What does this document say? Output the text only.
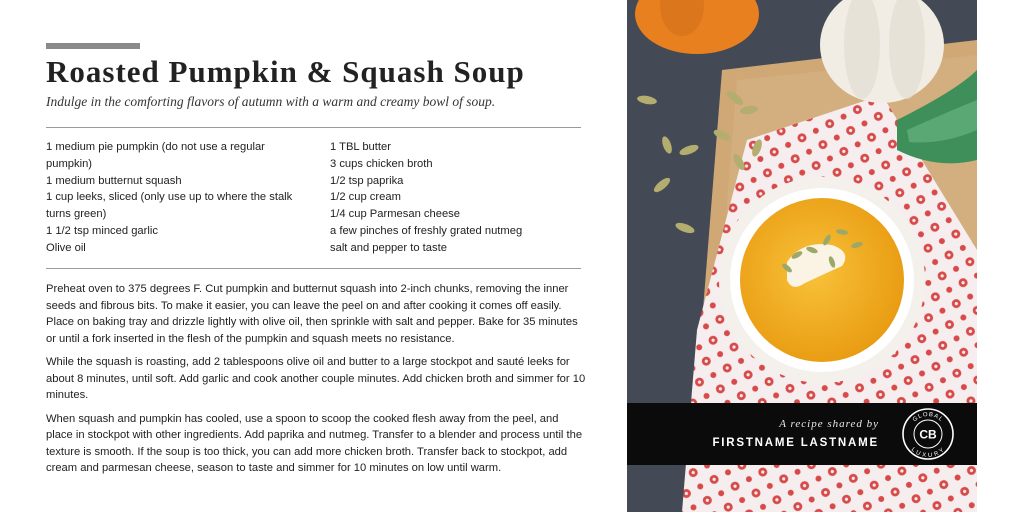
Roasted Pumpkin & Squash Soup

Indulge in the comforting flavors of autumn with a warm and creamy bowl of soup.

1 medium pie pumpkin (do not use a regular pumpkin)
1 medium butternut squash
1 cup leeks, sliced (only use up to where the stalk turns green)
1 1/2 tsp minced garlic
Olive oil
1 TBL butter
3 cups chicken broth
1/2 tsp paprika
1/2 cup cream
1/4 cup Parmesan cheese
a few pinches of freshly grated nutmeg
salt and pepper to taste

Preheat oven to 375 degrees F. Cut pumpkin and butternut squash into 2-inch chunks, removing the inner seeds and fibrous bits. To make it easier, you can leave the peel on and after cooking it comes off easily. Place on baking tray and drizzle lightly with olive oil, then sprinkle with salt and pepper. Bake for 35 minutes or until a fork inserted in the flesh of the pumpkin and squash meets no resistance.

While the squash is roasting, add 2 tablespoons olive oil and butter to a large stockpot and sauté leeks for about 8 minutes, until soft. Add garlic and cook another couple minutes. Add chicken broth and simmer for 10 minutes.

When squash and pumpkin has cooled, use a spoon to scoop the cooked flesh away from the peel, and place in stockpot with other ingredients. Add paprika and nutmeg. Transfer to a blender and process until the texture is smooth. If the soup is too thick, you can add more chicken broth. Transfer back to stockpot, add cream and parmesan cheese, season to taste and simmer for 10 minutes on low until warm.

A recipe shared by
FIRSTNAME LASTNAME
GLOBAL
LUXURY
CB
